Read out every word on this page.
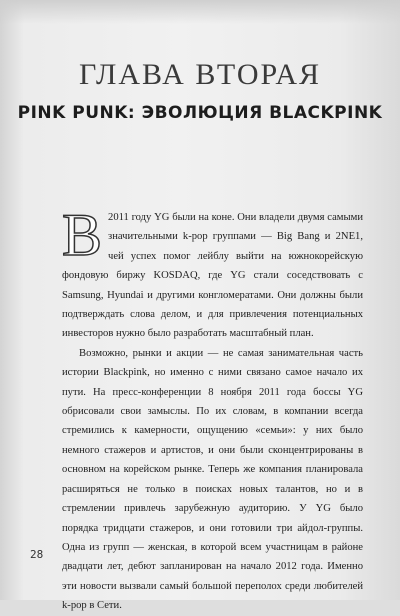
ГЛАВА ВТОРАЯ
PINK PUNK: ЭВОЛЮЦИЯ BLACKPINK

В 2011 году YG были на коне. Они владели двумя самыми значительными k-pop группами — Big Bang и 2NE1, чей успех помог лейблу выйти на южнокорейскую фондовую биржу KOSDAQ, где YG стали соседствовать с Samsung, Hyundai и другими конгломератами. Они должны были подтверждать слова делом, и для привлечения потенциальных инвесторов нужно было разработать масштабный план.

Возможно, рынки и акции — не самая занимательная часть истории Blackpink, но именно с ними связано самое начало их пути. На пресс-конференции 8 ноября 2011 года боссы YG обрисовали свои замыслы. По их словам, в компании всегда стремились к камерности, ощущению «семьи»: у них было немного стажеров и артистов, и они были сконцентрированы в основном на корейском рынке. Теперь же компания планировала расширяться не только в поисках новых талантов, но и в стремлении привлечь зарубежную аудиторию. У YG было порядка тридцати стажеров, и они готовили три айдол-группы. Одна из групп — женская, в которой всем участницам в районе двадцати лет, дебют запланирован на начало 2012 года. Именно эти новости вызвали самый большой переполох среди любителей k-pop в Сети.

28
